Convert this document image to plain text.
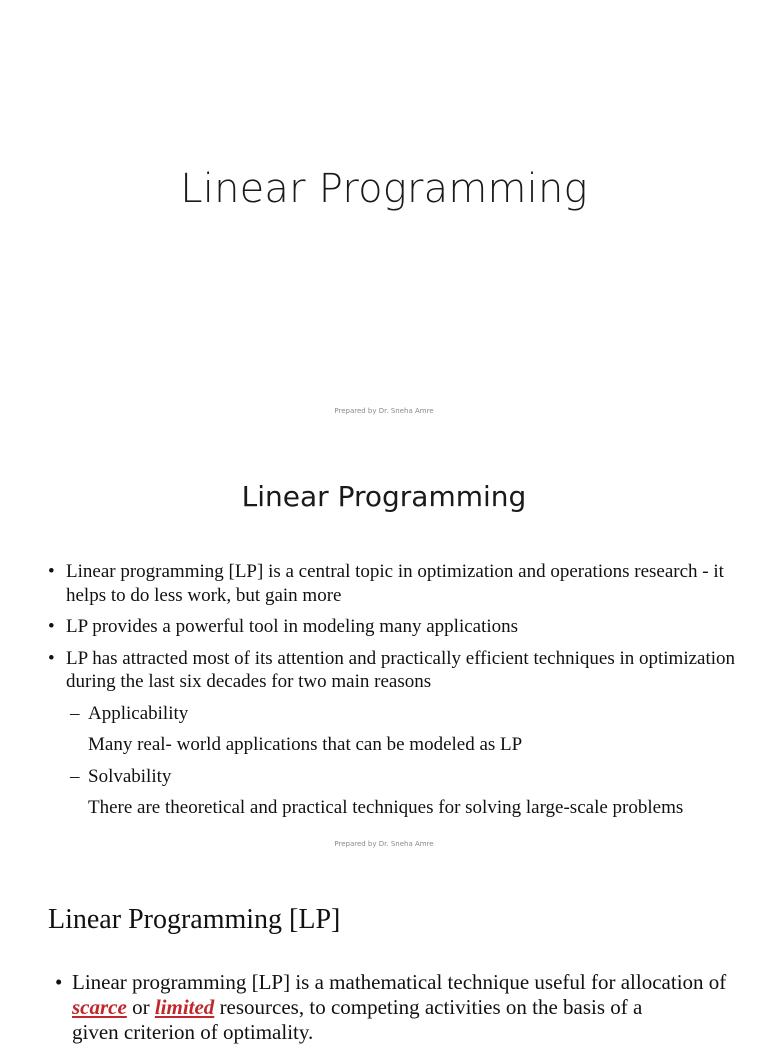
Linear Programming
Prepared by Dr. Sneha Amre
Linear Programming
• Linear programming [LP] is a central topic in optimization and operations research - it helps to do less work, but gain more
• LP provides a powerful tool in modeling many applications
• LP has attracted most of its attention and practically efficient techniques in optimization during the last six decades for two main reasons
– Applicability
Many real- world applications that can be modeled as LP
– Solvability
There are theoretical and practical techniques for solving large-scale problems
Prepared by Dr. Sneha Amre
Linear Programming [LP]
• Linear programming [LP] is a mathematical technique useful for allocation of scarce or limited resources, to competing activities on the basis of a
given criterion of optimality.
